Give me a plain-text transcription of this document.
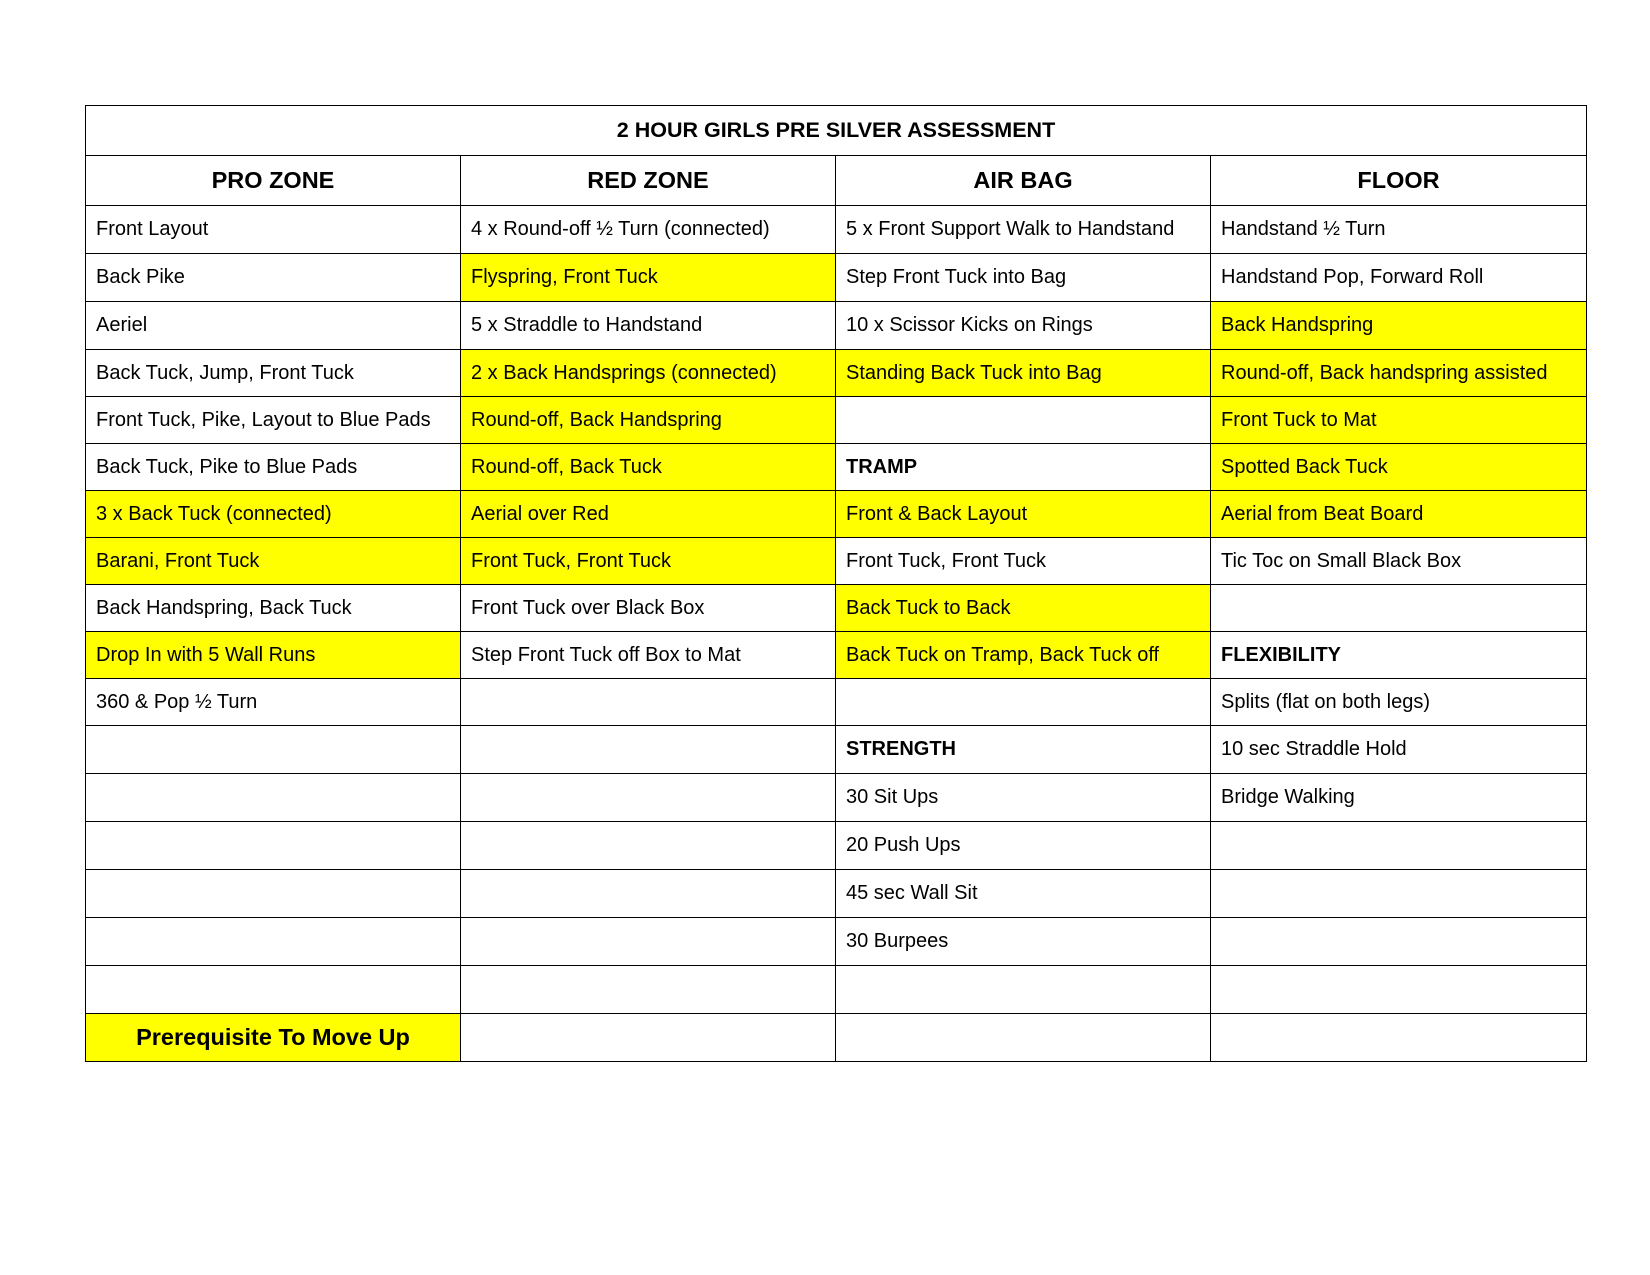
2 HOUR GIRLS PRE SILVER ASSESSMENT			
PRO ZONE	RED ZONE	AIR BAG	FLOOR
Front Layout	4 x Round-off ½ Turn (connected)	5 x Front Support Walk to Handstand	Handstand ½ Turn
Back Pike	Flyspring, Front Tuck	Step Front Tuck into Bag	Handstand Pop, Forward Roll
Aeriel	5 x Straddle to Handstand	10 x Scissor Kicks on Rings	Back Handspring
Back Tuck, Jump, Front Tuck	2 x Back Handsprings (connected)	Standing Back Tuck into Bag	Round-off, Back handspring assisted
Front Tuck, Pike, Layout to Blue Pads	Round-off, Back Handspring		Front Tuck to Mat
Back Tuck, Pike to Blue Pads	Round-off, Back Tuck	TRAMP	Spotted Back Tuck
3 x Back Tuck (connected)	Aerial over Red	Front & Back Layout	Aerial from Beat Board
Barani, Front Tuck	Front Tuck, Front Tuck	Front Tuck, Front Tuck	Tic Toc on Small Black Box
Back Handspring, Back Tuck	Front Tuck over Black Box	Back Tuck to Back	
Drop In with 5 Wall Runs	Step Front Tuck off Box to Mat	Back Tuck on Tramp, Back Tuck off	FLEXIBILITY
360 & Pop ½ Turn			Splits (flat on both legs)
		STRENGTH	10 sec Straddle Hold
		30 Sit Ups	Bridge Walking
		20 Push Ups	
		45 sec Wall Sit	
		30 Burpees	

Prerequisite To Move Up			
